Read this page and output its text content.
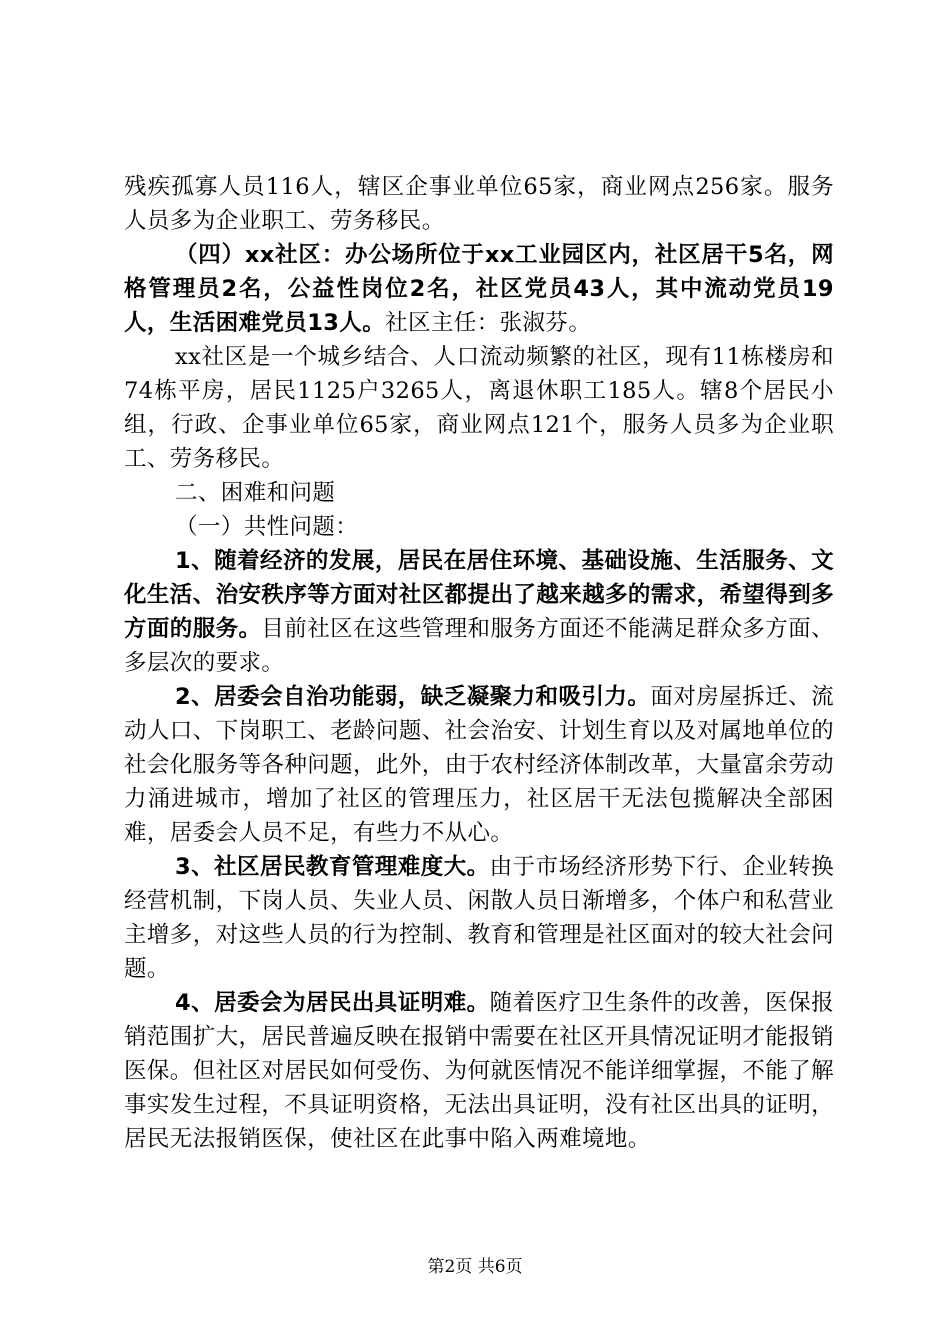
残疾孤寡人员116人，辖区企事业单位65家，商业网点256家。服务人员多为企业职工、劳务移民。

（四）xx社区：办公场所位于xx工业园区内，社区居干5名，网格管理员2名，公益性岗位2名，社区党员43人，其中流动党员19人，生活困难党员13人。社区主任：张淑芬。

xx社区是一个城乡结合、人口流动频繁的社区，现有11栋楼房和74栋平房，居民1125户3265人，离退休职工185人。辖8个居民小组，行政、企事业单位65家，商业网点121个，服务人员多为企业职工、劳务移民。

二、困难和问题

（一）共性问题：

1、随着经济的发展，居民在居住环境、基础设施、生活服务、文化生活、治安秩序等方面对社区都提出了越来越多的需求，希望得到多方面的服务。目前社区在这些管理和服务方面还不能满足群众多方面、多层次的要求。

2、居委会自治功能弱，缺乏凝聚力和吸引力。面对房屋拆迁、流动人口、下岗职工、老龄问题、社会治安、计划生育以及对属地单位的社会化服务等各种问题，此外，由于农村经济体制改革，大量富余劳动力涌进城市，增加了社区的管理压力，社区居干无法包揽解决全部困难，居委会人员不足，有些力不从心。

3、社区居民教育管理难度大。由于市场经济形势下行、企业转换经营机制，下岗人员、失业人员、闲散人员日渐增多，个体户和私营业主增多，对这些人员的行为控制、教育和管理是社区面对的较大社会问题。

4、居委会为居民出具证明难。随着医疗卫生条件的改善，医保报销范围扩大，居民普遍反映在报销中需要在社区开具情况证明才能报销医保。但社区对居民如何受伤、为何就医情况不能详细掌握，不能了解事实发生过程，不具证明资格，无法出具证明，没有社区出具的证明，居民无法报销医保，使社区在此事中陷入两难境地。

第2页 共6页
